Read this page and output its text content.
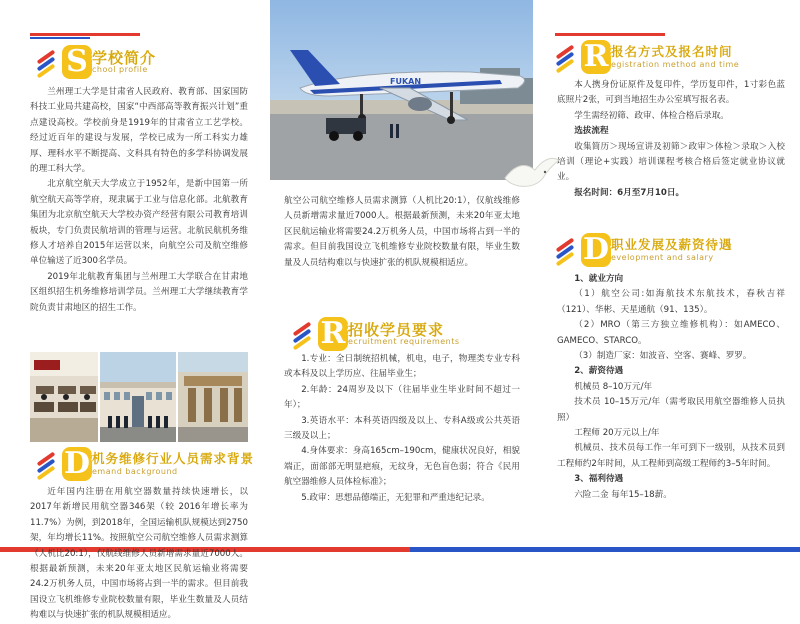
S 学校简介
chool profile

兰州理工大学是甘肃省人民政府、教育部、国家国防科技工业局共建高校，国家“中西部高等教育振兴计划”重点建设高校。学校前身是1919年的甘肃省立工艺学校。经过近百年的建设与发展，学校已成为一所工科实力雄厚、理科水平不断提高、文科具有特色的多学科协调发展的理工科大学。

北京航空航天大学成立于1952年，是新中国第一所航空航天高等学府，现隶属于工业与信息化部。北航教育集团为北京航空航天大学校办资产经营有限公司教育培训板块，专门负责民航培训的管理与运营。北航民航机务维修人才培养自2015年运营以来，向航空公司及航空维修单位输送了近300名学员。

2019年北航教育集团与兰州理工大学联合在甘肃地区组织招生机务维修培训学员。兰州理工大学继续教育学院负责甘肃地区的招生工作。

D 机务维修行业人员需求背景
emand background

近年国内注册在用航空器数量持续快速增长，以2017年新增民用航空器346架（较 2016年增长率为11.7%）为例，到2018年，全国运输机队规模达到2750架，年均增长11%。按照航空公司航空维修人员需求测算（人机比20:1），仅航线维修人员新增需求量近7000人。根据最新预测，未来20年亚太地区民航运输业将需要24.2万机务人员，中国市场将占到一半的需求。但目前我国设立飞机维修专业院校数量有限，毕业生数量及人员结构难以与快速扩张的机队规模相适应。

FUKAN

航空公司航空维修人员需求测算（人机比20:1），仅航线维修人员新增需求量近7000人。根据最新预测，未来20年亚太地区民航运输业将需要24.2万机务人员，中国市场将占到一半的需求。但目前我国设立飞机维修专业院校数量有限，毕业生数量及人员结构难以与快速扩张的机队规模相适应。

R 招收学员要求
ecruitment requirements

1.专业：全日制统招机械，机电，电子，物理类专业专科或本科及以上学历应、往届毕业生；

2.年龄：24周岁及以下（往届毕业生毕业时间不超过一年）；

3.英语水平：本科英语四级及以上、专科A级或公共英语三级及以上；

4.身体要求：身高165cm–190cm，健康状况良好，相貌端正，面部部无明显疤痕，无纹身，无色盲色弱；符合《民用航空器维修人员体检标准》；

5.政审：思想品德端正，无犯罪和严重违纪记录。

R 报名方式及报名时间
egistration method and time

本人携身份证原件及复印件，学历复印件，1寸彩色蓝底照片2张，可到当地招生办公室填写报名表。

学生需经初筛、政审、体检合格后录取。

选拔流程

收集简历＞现场宣讲及初筛＞政审＞体检＞录取＞入校培训（理论+实践）培训课程考核合格后签定就业协议就业。

报名时间：6月至7月10日。

D 职业发展及薪资待遇
evelopment and salary

1、就业方向

（1）航空公司:如海航技术东航技术，春秋吉祥（121）、华彬、天星通航（91、135）。

（2）MRO（第三方独立维修机构）：如AMECO、GAMECO、STARCO。

（3）制造厂家：如波音、空客、赛峰、罗罗。

2、薪资待遇

机械员 8–10万元/年

技术员 10–15万元/年（需考取民用航空器维修人员执照）

工程师 20万元以上/年

机械员、技术员每工作一年可到下一级别，从技术员到工程师约2年时间，从工程师到高级工程师约3–5年时间。

3、福利待遇

六险二金 每年15–18薪。
